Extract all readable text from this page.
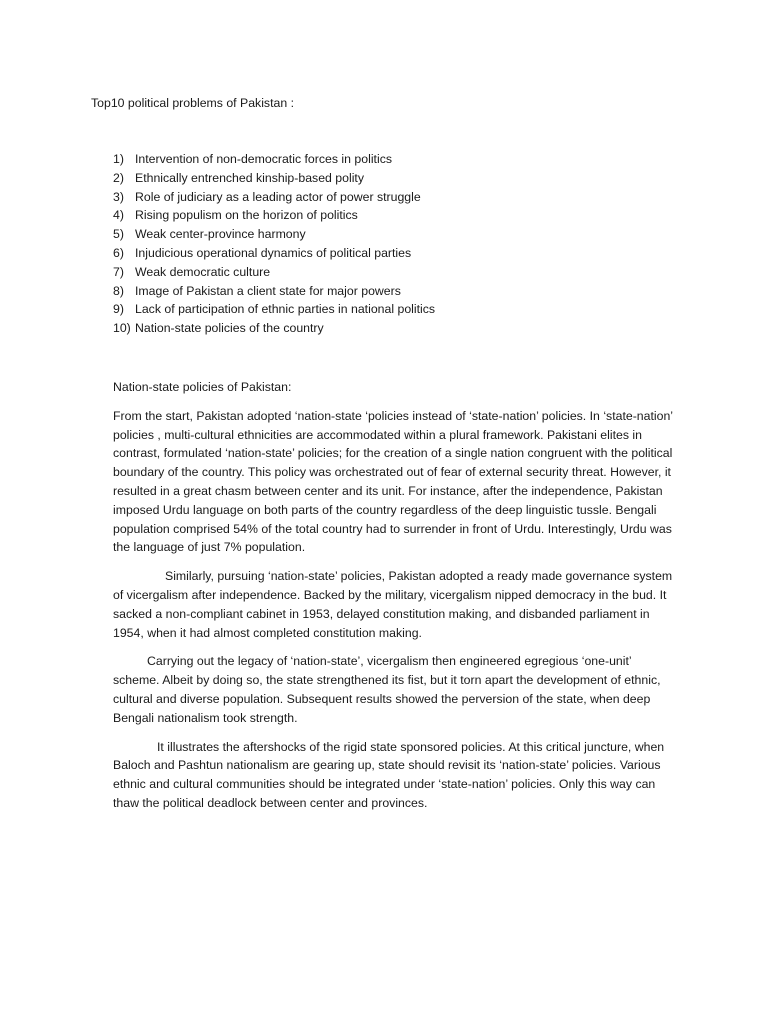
Top10 political problems of Pakistan :
1) Intervention of non-democratic forces in politics
2) Ethnically entrenched kinship-based polity
3) Role of judiciary as a leading actor of power struggle
4) Rising populism on the horizon of politics
5) Weak center-province harmony
6) Injudicious operational dynamics of political parties
7) Weak democratic culture
8) Image of Pakistan a client state for major powers
9) Lack of participation of ethnic parties in national politics
10) Nation-state policies of the country
Nation-state policies of Pakistan:

From the start, Pakistan adopted ‘nation-state ‘policies instead of ‘state-nation’ policies. In ‘state-nation’ policies , multi-cultural ethnicities are accommodated within a plural framework. Pakistani elites in contrast, formulated ‘nation-state’ policies; for the creation of a single nation congruent with the political boundary of the country. This policy was orchestrated out of fear of external security threat. However, it resulted in a great chasm between center and its unit. For instance, after the independence, Pakistan imposed Urdu language on both parts of the country regardless of the deep linguistic tussle. Bengali population comprised 54% of the total country had to surrender in front of Urdu. Interestingly, Urdu was the language of just 7% population.

Similarly, pursuing ‘nation-state’ policies, Pakistan adopted a ready made governance system of vicergalism after independence. Backed by the military, vicergalism nipped democracy in the bud. It sacked a non-compliant cabinet in 1953, delayed constitution making, and disbanded parliament in 1954, when it had almost completed constitution making.

Carrying out the legacy of ‘nation-state’, vicergalism then engineered egregious ‘one-unit’ scheme. Albeit by doing so, the state strengthened its fist, but it torn apart the development of ethnic, cultural and diverse population. Subsequent results showed the perversion of the state, when deep Bengali nationalism took strength.

It illustrates the aftershocks of the rigid state sponsored policies. At this critical juncture, when Baloch and Pashtun nationalism are gearing up, state should revisit its ‘nation-state’ policies. Various ethnic and cultural communities should be integrated under ‘state-nation’ policies. Only this way can thaw the political deadlock between center and provinces.
